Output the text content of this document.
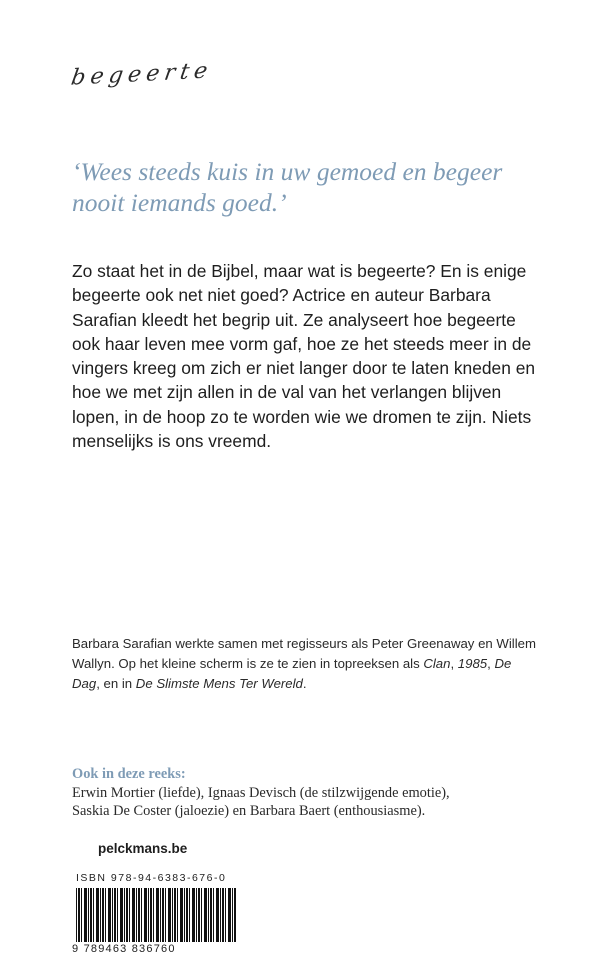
begeerte

‘Wees steeds kuis in uw gemoed en begeer nooit iemands goed.’

Zo staat het in de Bijbel, maar wat is begeerte? En is enige begeerte ook net niet goed? Actrice en auteur Barbara Sarafian kleedt het begrip uit. Ze analyseert hoe begeerte ook haar leven mee vorm gaf, hoe ze het steeds meer in de vingers kreeg om zich er niet langer door te laten kneden en hoe we met zijn allen in de val van het verlangen blijven lopen, in de hoop zo te worden wie we dromen te zijn. Niets menselijks is ons vreemd.

Barbara Sarafian werkte samen met regisseurs als Peter Greenaway en Willem Wallyn. Op het kleine scherm is ze te zien in topreeksen als Clan, 1985, De Dag, en in De Slimste Mens Ter Wereld.

Ook in deze reeks:
Erwin Mortier (liefde), Ignaas Devisch (de stilzwijgende emotie),
Saskia De Coster (jaloezie) en Barbara Baert (enthousiasme).
pelckmans.be
ISBN 978-94-6383-676-0
9 789463 836760
